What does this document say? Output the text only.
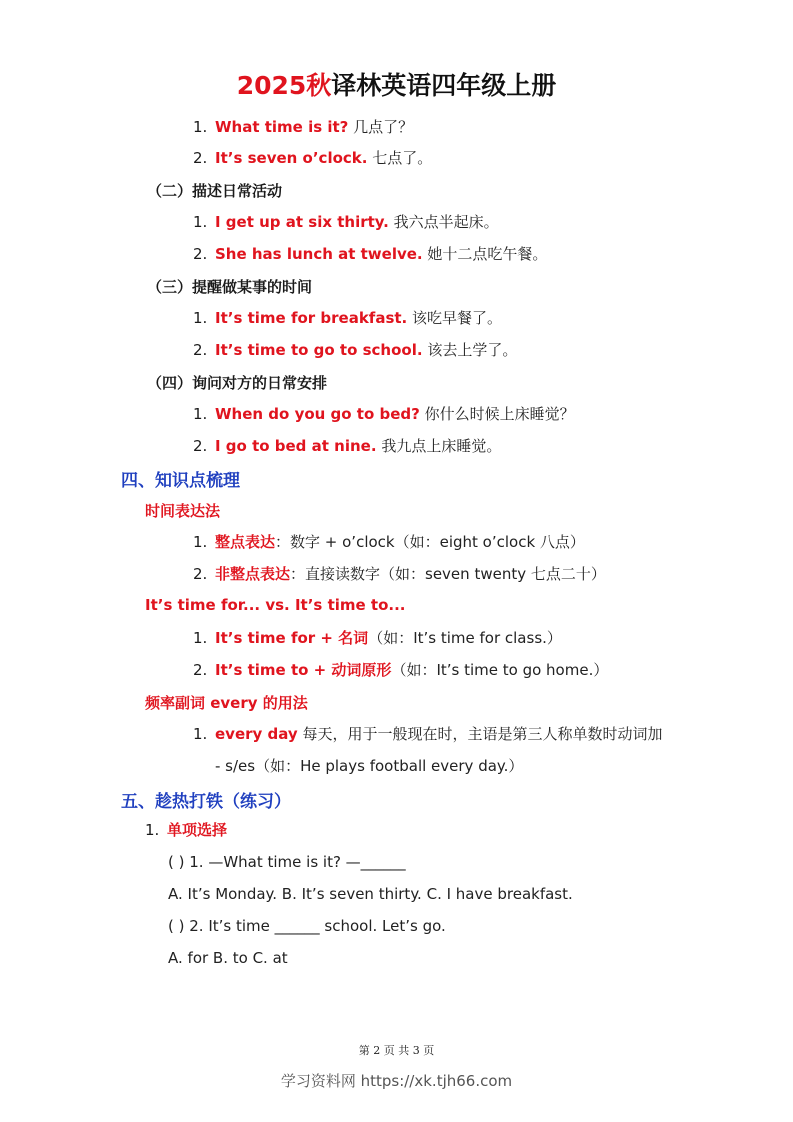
2025秋译林英语四年级上册
1. What time is it? 几点了？
2. It’s seven o’clock. 七点了。
（二）描述日常活动
1. I get up at six thirty. 我六点半起床。
2. She has lunch at twelve. 她十二点吃午餐。
（三）提醒做某事的时间
1. It’s time for breakfast. 该吃早餐了。
2. It’s time to go to school. 该去上学了。
（四）询问对方的日常安排
1. When do you go to bed? 你什么时候上床睡觉？
2. I go to bed at nine. 我九点上床睡觉。
四、知识点梳理
时间表达法
1. 整点表达：数字 + o’clock（如：eight o’clock 八点）
2. 非整点表达：直接读数字（如：seven twenty 七点二十）
It’s time for... vs. It’s time to...
1. It’s time for + 名词（如：It’s time for class.）
2. It’s time to + 动词原形（如：It’s time to go home.）
频率副词 every 的用法
1. every day 每天，用于一般现在时，主语是第三人称单数时动词加
- s/es（如：He plays football every day.）
五、趁热打铁（练习）
1. 单项选择
( ) 1. —What time is it? —______
A. It’s Monday. B. It’s seven thirty. C. I have breakfast.
( ) 2. It’s time ______ school. Let’s go.
A. for B. to C. at
第 2 页 共 3 页
学习资料网 https://xk.tjh66.com
